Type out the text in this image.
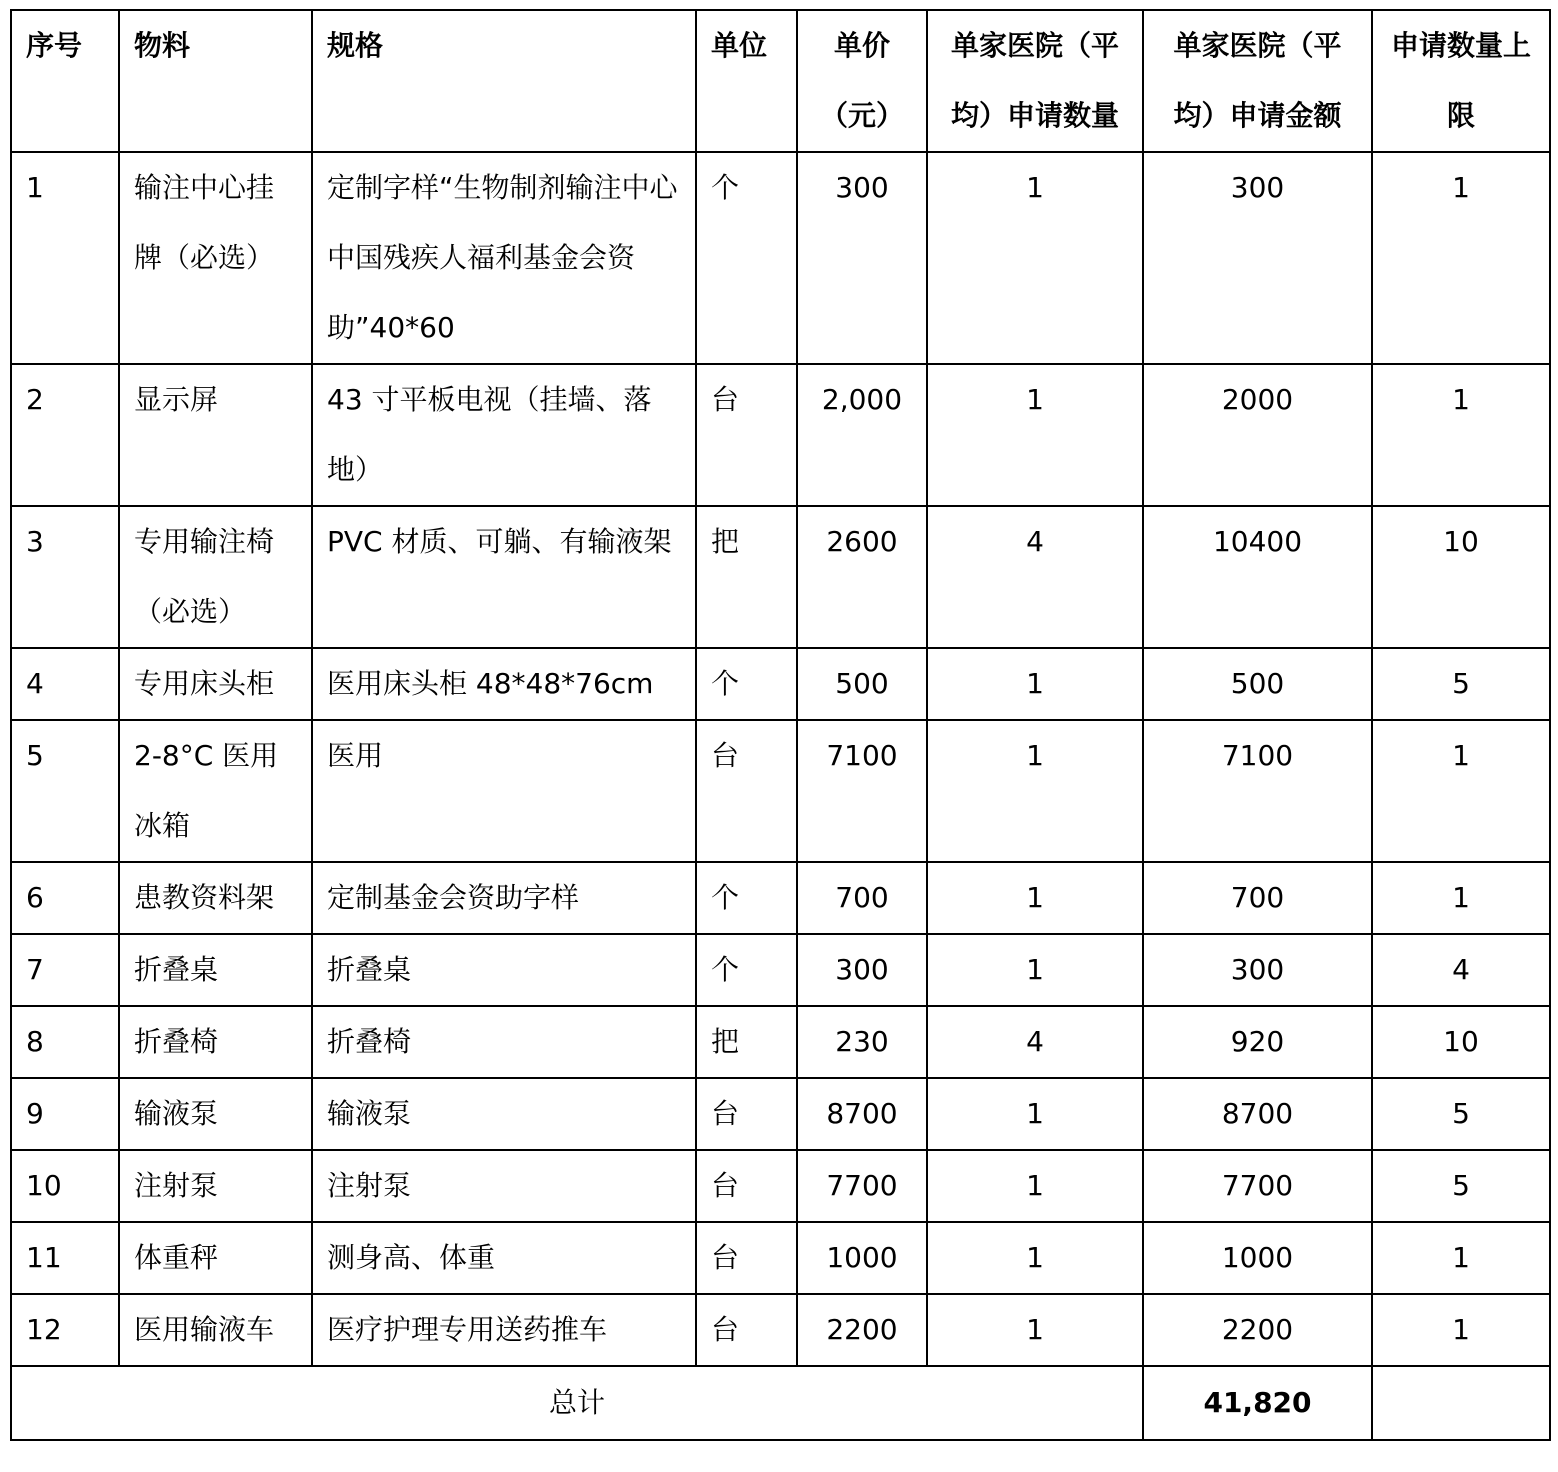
序号	物料	规格	单位	单价（元）	单家医院（平均）申请数量	单家医院（平均）申请金额	申请数量上限
1	输注中心挂牌（必选）	定制字样“生物制剂输注中心中国残疾人福利基金会资助”40*60	个	300	1	300	1
2	显示屏	43 寸平板电视（挂墙、落地）	台	2,000	1	2000	1
3	专用输注椅（必选）	PVC 材质、可躺、有输液架	把	2600	4	10400	10
4	专用床头柜	医用床头柜 48*48*76cm	个	500	1	500	5
5	2-8°C 医用冰箱	医用	台	7100	1	7100	1
6	患教资料架	定制基金会资助字样	个	700	1	700	1
7	折叠桌	折叠桌	个	300	1	300	4
8	折叠椅	折叠椅	把	230	4	920	10
9	输液泵	输液泵	台	8700	1	8700	5
10	注射泵	注射泵	台	7700	1	7700	5
11	体重秤	测身高、体重	台	1000	1	1000	1
12	医用输液车	医疗护理专用送药推车	台	2200	1	2200	1
总计						41,820	
